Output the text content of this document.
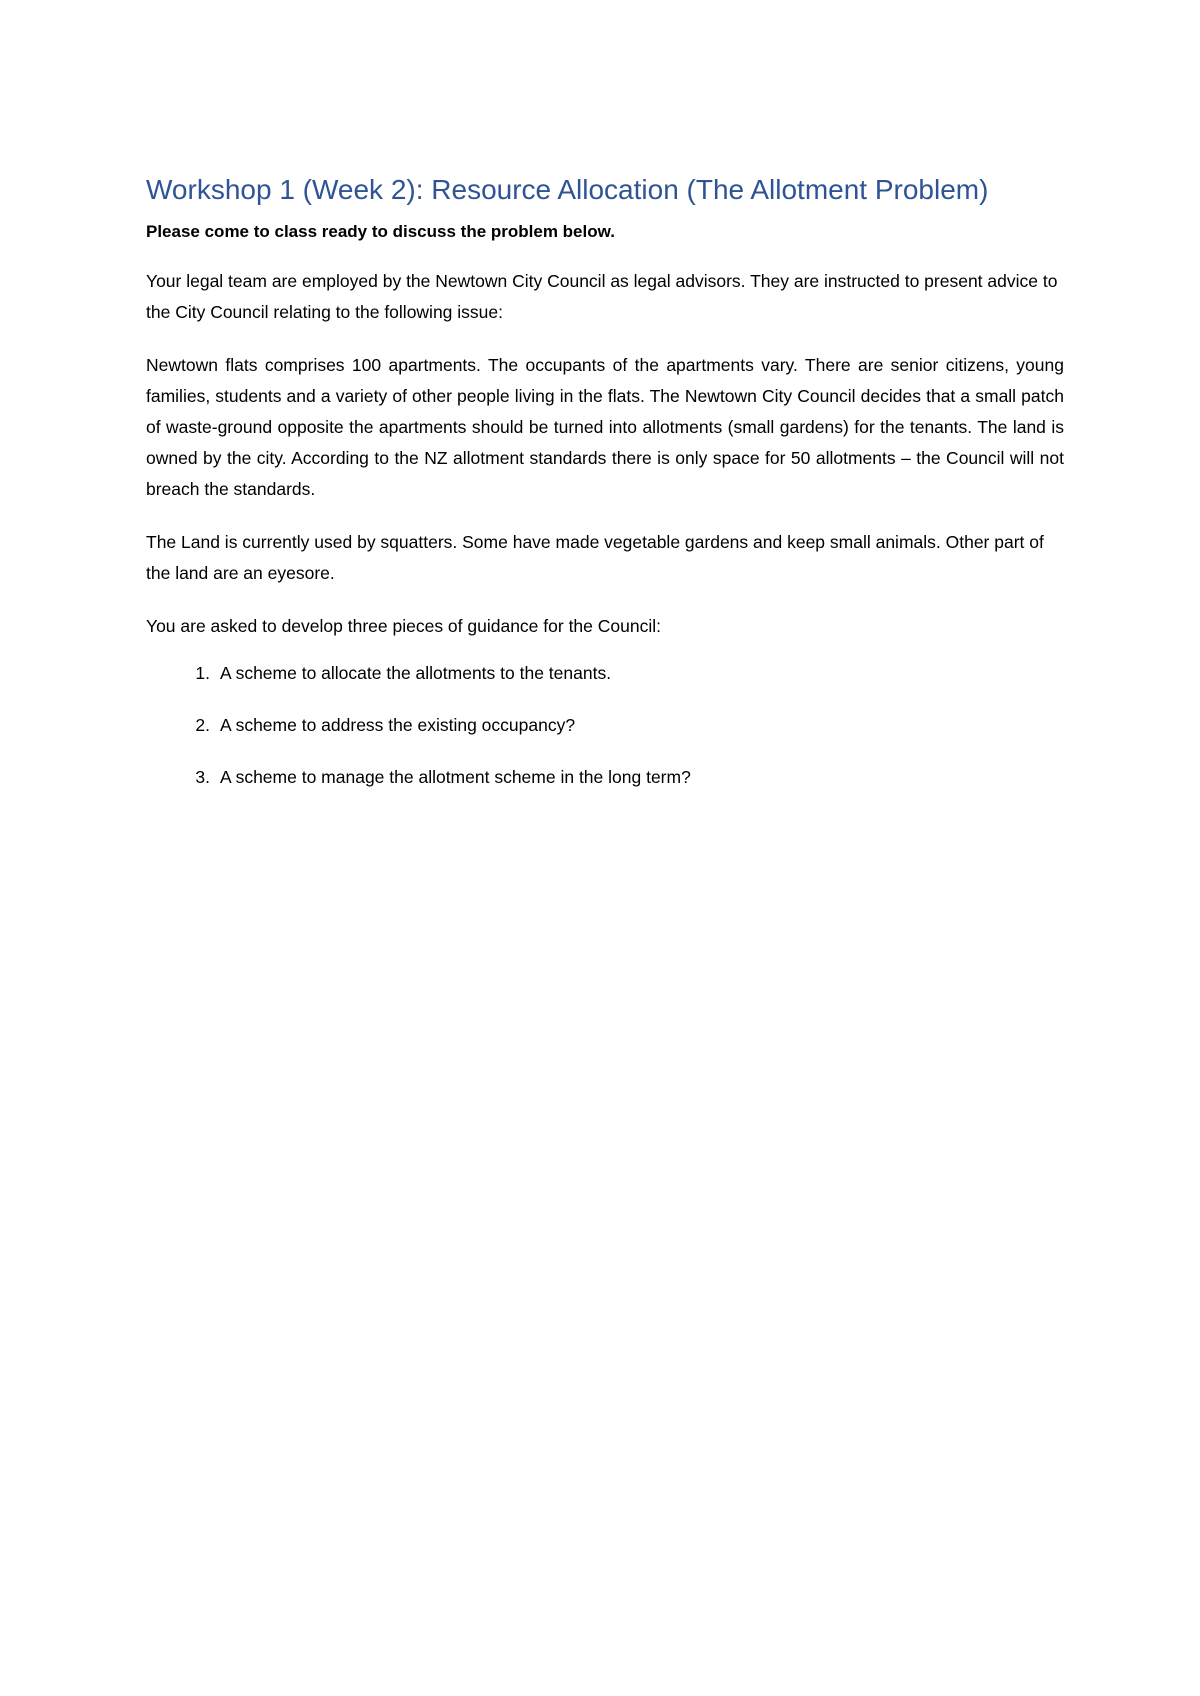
Workshop 1 (Week 2): Resource Allocation (The Allotment Problem)

Please come to class ready to discuss the problem below.

Your legal team are employed by the Newtown City Council as legal advisors. They are instructed to present advice to the City Council relating to the following issue:

Newtown flats comprises 100 apartments. The occupants of the apartments vary. There are senior citizens, young families, students and a variety of other people living in the flats. The Newtown City Council decides that a small patch of waste-ground opposite the apartments should be turned into allotments (small gardens) for the tenants. The land is owned by the city. According to the NZ allotment standards there is only space for 50 allotments – the Council will not breach the standards.

The Land is currently used by squatters. Some have made vegetable gardens and keep small animals. Other part of the land are an eyesore.

You are asked to develop three pieces of guidance for the Council:

1. A scheme to allocate the allotments to the tenants.
2. A scheme to address the existing occupancy?
3. A scheme to manage the allotment scheme in the long term?
